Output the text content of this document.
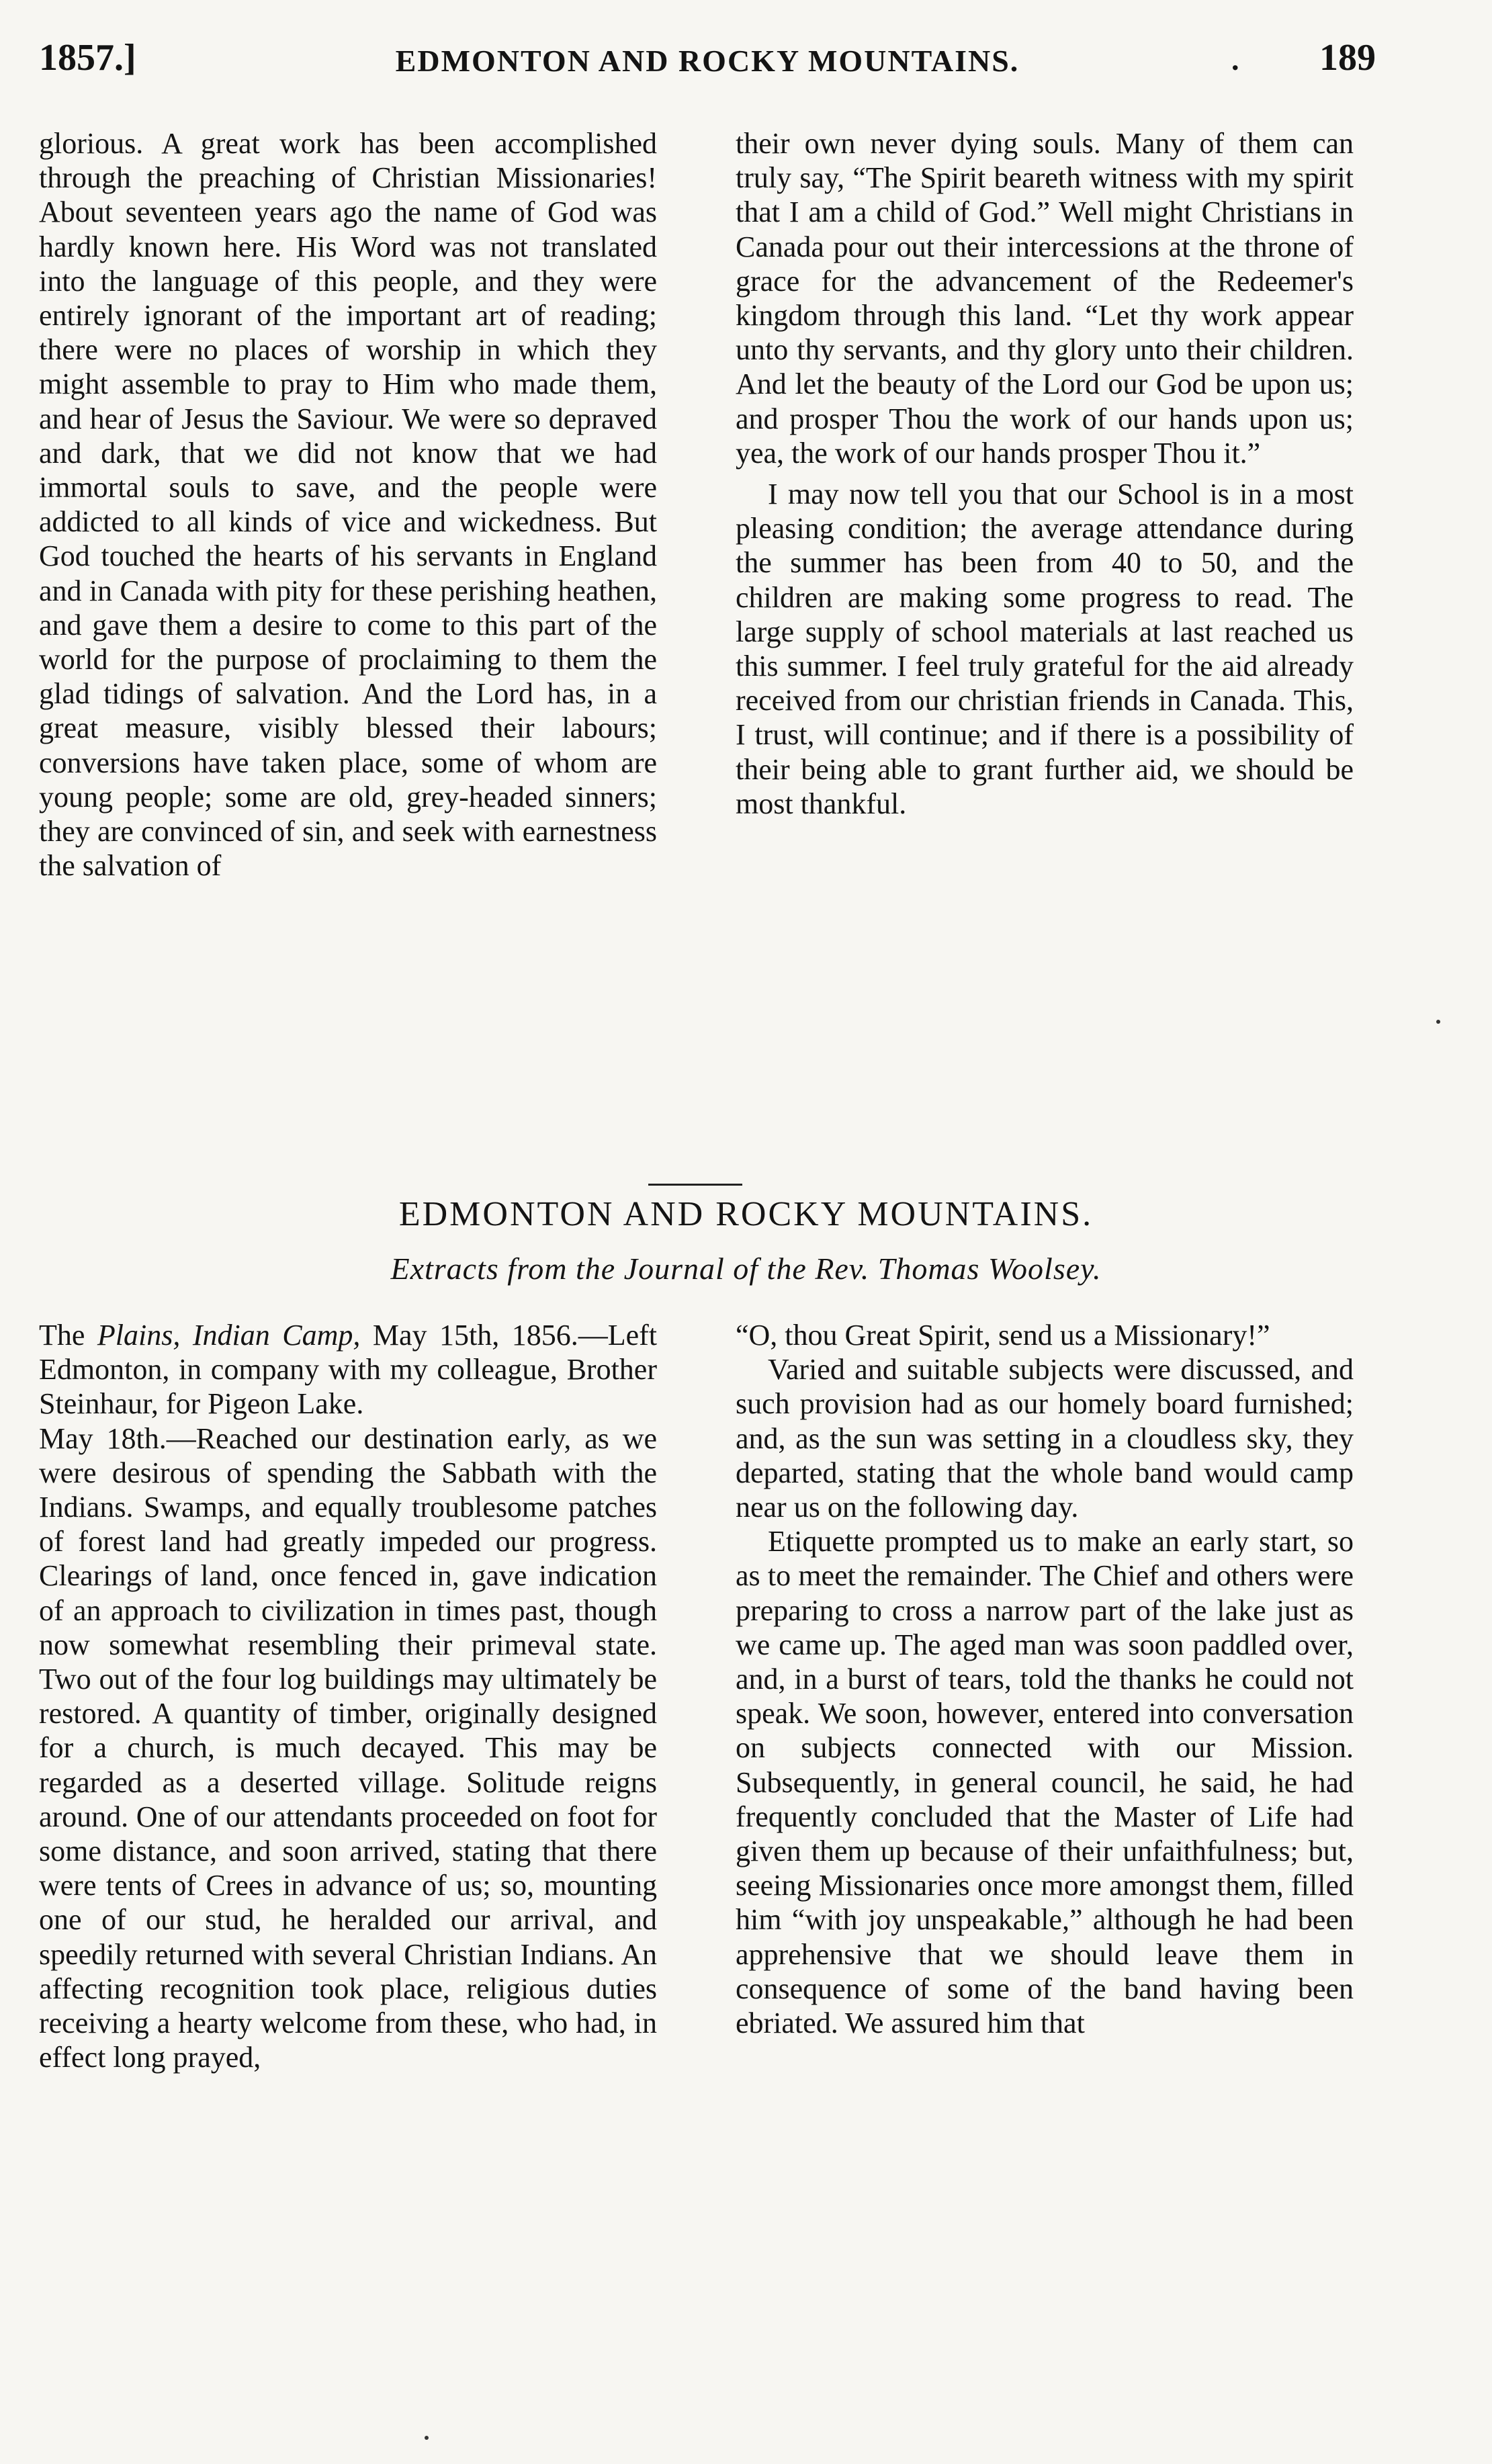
1857.]	EDMONTON AND ROCKY MOUNTAINS.	. 189

glorious. A great work has been accomplished through the preaching of Christian Missionaries! About seventeen years ago the name of God was hardly known here. His Word was not translated into the language of this people, and they were entirely ignorant of the important art of reading; there were no places of worship in which they might assemble to pray to Him who made them, and hear of Jesus the Saviour. We were so depraved and dark, that we did not know that we had immortal souls to save, and the people were addicted to all kinds of vice and wickedness. But God touched the hearts of his servants in England and in Canada with pity for these perishing heathen, and gave them a desire to come to this part of the world for the purpose of proclaiming to them the glad tidings of salvation. And the Lord has, in a great measure, visibly blessed their labours; conversions have taken place, some of whom are young people; some are old, grey-headed sinners; they are convinced of sin, and seek with earnestness the salvation of

their own never dying souls. Many of them can truly say, “The Spirit beareth witness with my spirit that I am a child of God.” Well might Christians in Canada pour out their intercessions at the throne of grace for the advancement of the Redeemer's kingdom through this land. “Let thy work appear unto thy servants, and thy glory unto their children. And let the beauty of the Lord our God be upon us; and prosper Thou the work of our hands upon us; yea, the work of our hands prosper Thou it.”

I may now tell you that our School is in a most pleasing condition; the average attendance during the summer has been from 40 to 50, and the children are making some progress to read. The large supply of school materials at last reached us this summer. I feel truly grateful for the aid already received from our christian friends in Canada. This, I trust, will continue; and if there is a possibility of their being able to grant further aid, we should be most thankful.

EDMONTON AND ROCKY MOUNTAINS.
Extracts from the Journal of the Rev. Thomas Woolsey.

The Plains, Indian Camp, May 15th, 1856.—Left Edmonton, in company with my colleague, Brother Steinhaur, for Pigeon Lake.

May 18th.—Reached our destination early, as we were desirous of spending the Sabbath with the Indians. Swamps, and equally troublesome patches of forest land had greatly impeded our progress. Clearings of land, once fenced in, gave indication of an approach to civilization in times past, though now somewhat resembling their primeval state. Two out of the four log buildings may ultimately be restored. A quantity of timber, originally designed for a church, is much decayed. This may be regarded as a deserted village. Solitude reigns around. One of our attendants proceeded on foot for some distance, and soon arrived, stating that there were tents of Crees in advance of us; so, mounting one of our stud, he heralded our arrival, and speedily returned with several Christian Indians. An affecting recognition took place, religious duties receiving a hearty welcome from these, who had, in effect long prayed,

“O, thou Great Spirit, send us a Missionary!”

Varied and suitable subjects were discussed, and such provision had as our homely board furnished; and, as the sun was setting in a cloudless sky, they departed, stating that the whole band would camp near us on the following day.

Etiquette prompted us to make an early start, so as to meet the remainder. The Chief and others were preparing to cross a narrow part of the lake just as we came up. The aged man was soon paddled over, and, in a burst of tears, told the thanks he could not speak. We soon, however, entered into conversation on subjects connected with our Mission. Subsequently, in general council, he said, he had frequently concluded that the Master of Life had given them up because of their unfaithfulness; but, seeing Missionaries once more amongst them, filled him “with joy unspeakable,” although he had been apprehensive that we should leave them in consequence of some of the band having been ebriated. We assured him that
